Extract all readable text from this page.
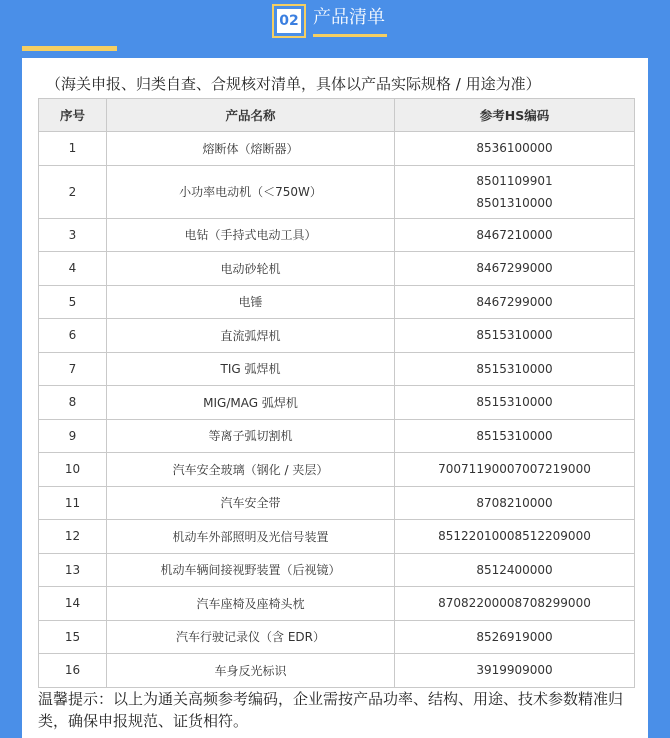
02 产品清单
（海关申报、归类自查、合规核对清单，具体以产品实际规格 / 用途为准）
序号	产品名称	参考HS编码
1	熔断体（熔断器）	8536100000

2	小功率电动机（＜750W）	8501109901
8501310000

3	电钻（手持式电动工具）	8467210000

4	电动砂轮机	8467299000

5	电锤	8467299000

6	直流弧焊机	8515310000

7	TIG 弧焊机	8515310000

8	MIG/MAG 弧焊机	8515310000

9	等离子弧切割机	8515310000

10	汽车安全玻璃（钢化 / 夹层）	70071190007007219000

11	汽车安全带	8708210000

12	机动车外部照明及光信号装置	85122010008512209000

13	机动车辆间接视野装置（后视镜）	8512400000

14	汽车座椅及座椅头枕	87082200008708299000

15	汽车行驶记录仪（含 EDR）	8526919000

16	车身反光标识	3919909000
温馨提示：以上为通关高频参考编码，企业需按产品功率、结构、用途、技术参数精准归类，确保申报规范、证货相符。
